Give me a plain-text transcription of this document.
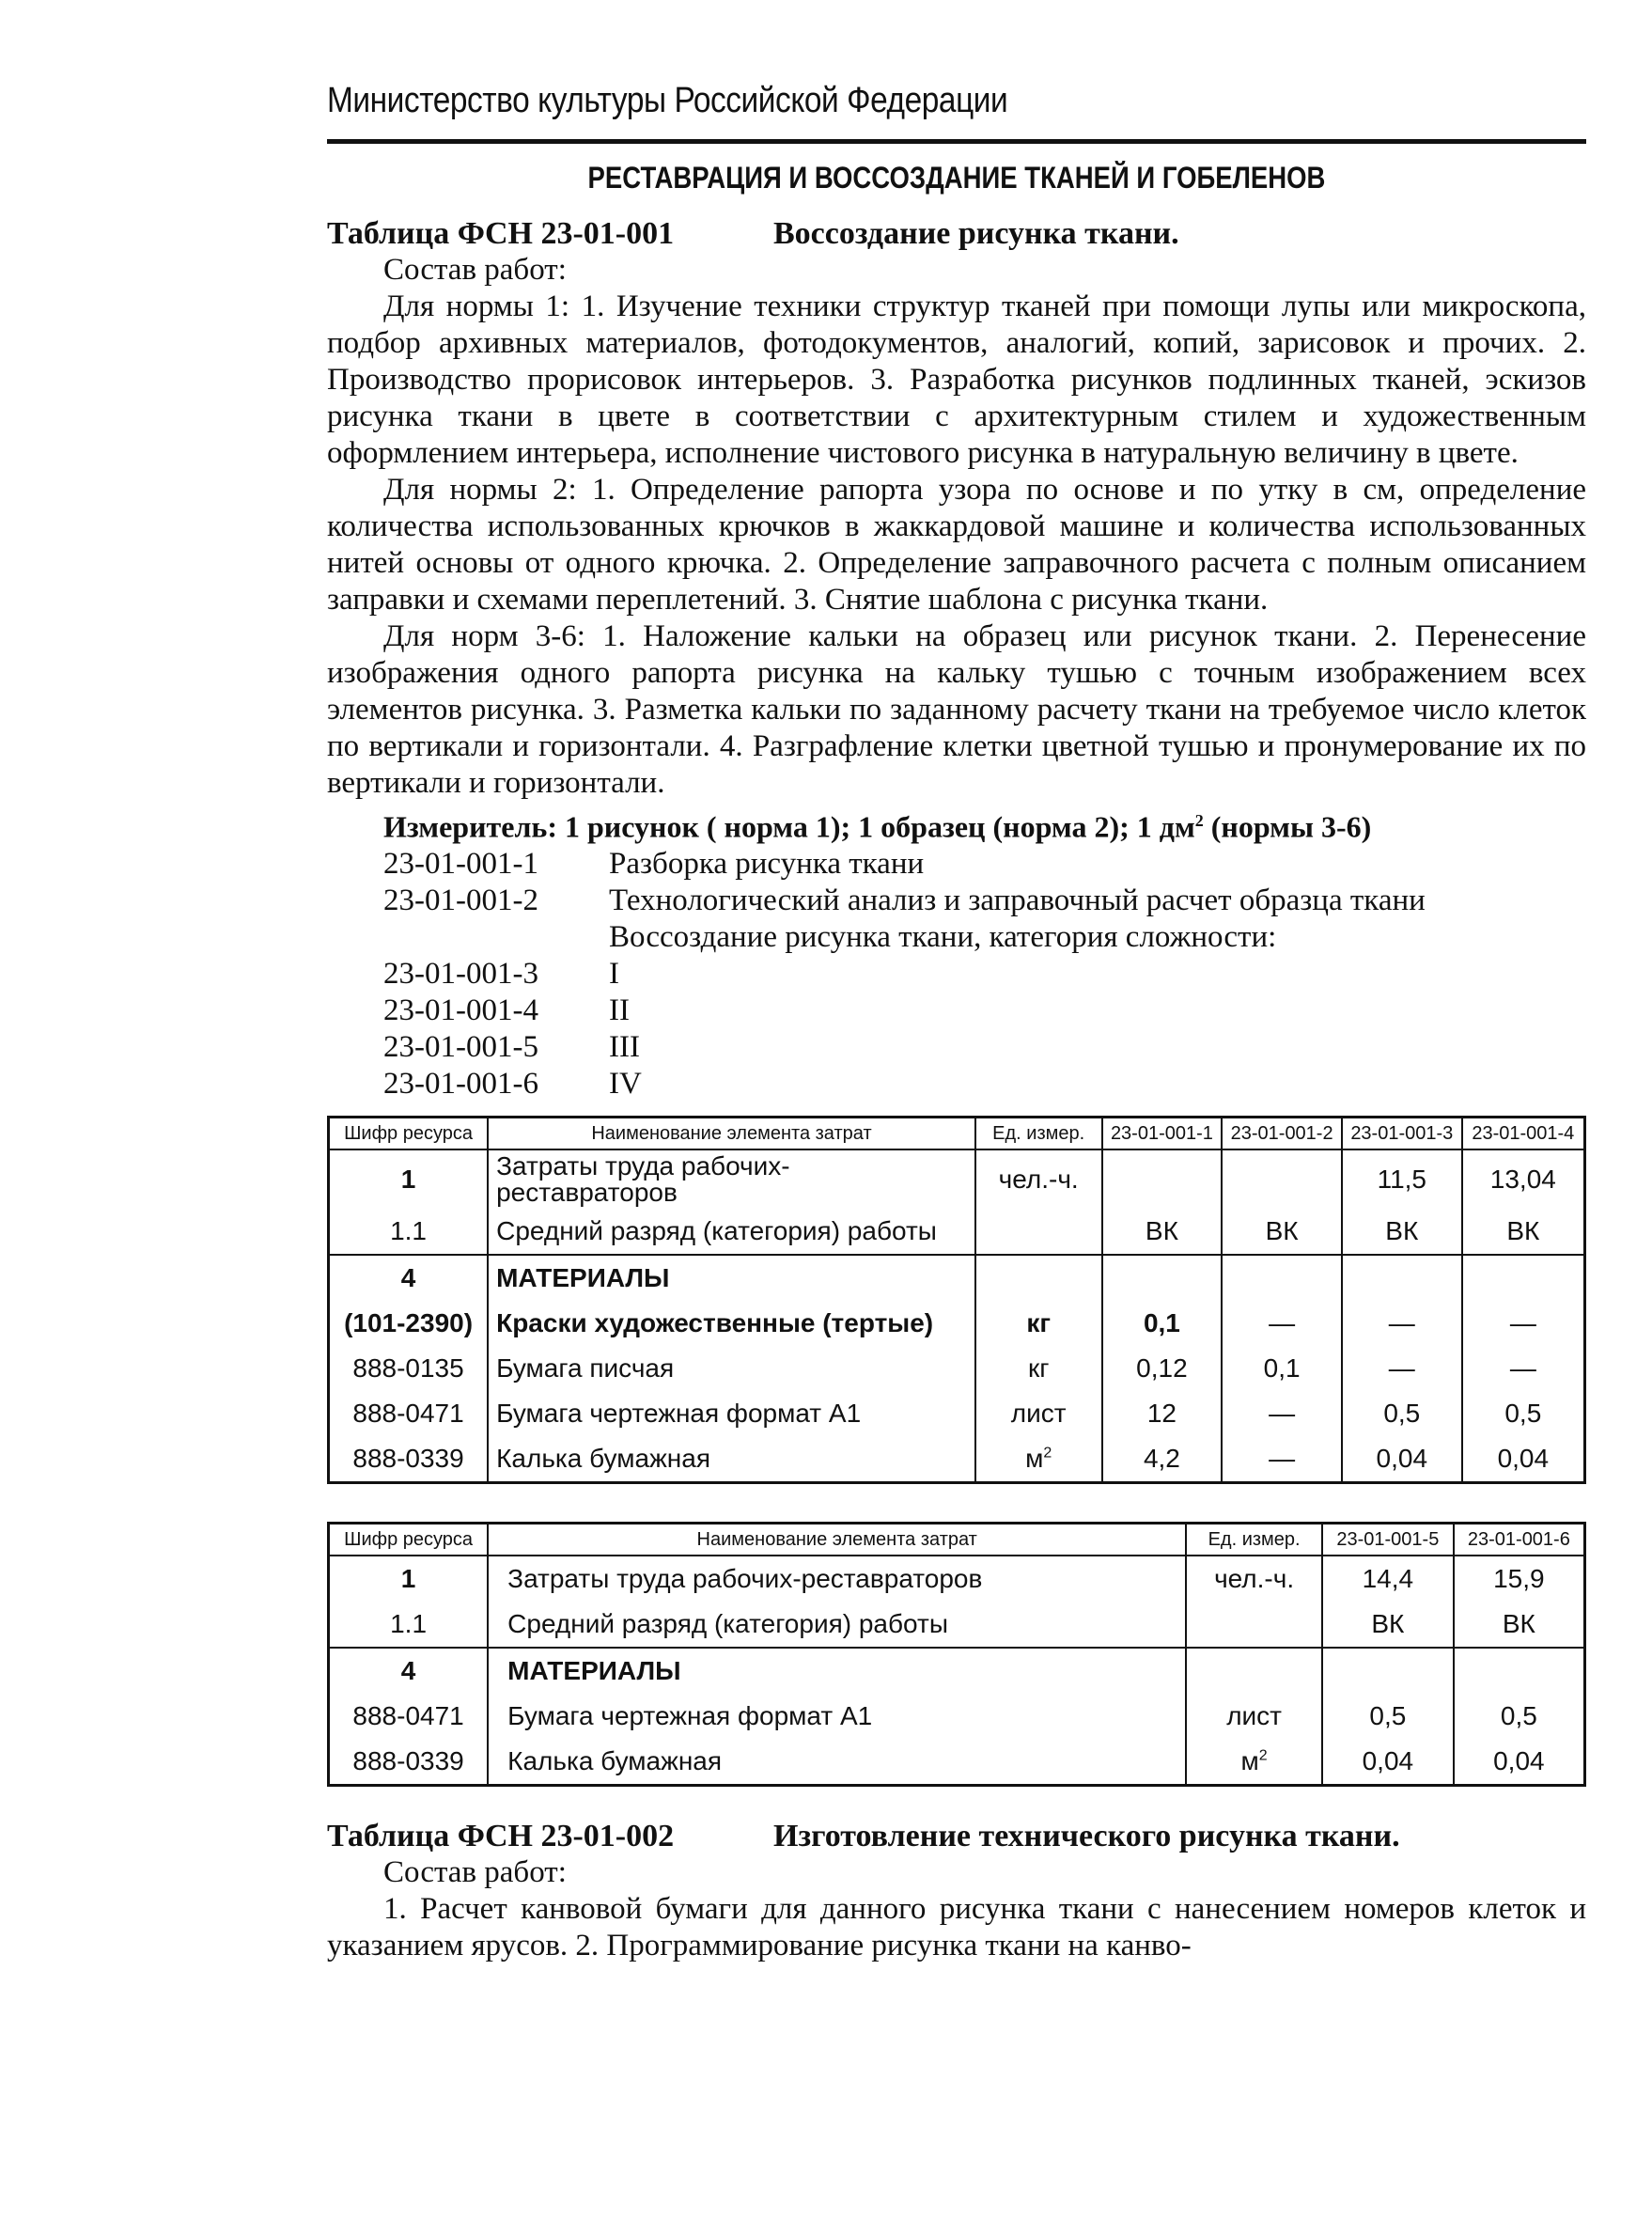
Министерство культуры Российской Федерации
РЕСТАВРАЦИЯ И ВОССОЗДАНИЕ ТКАНЕЙ И ГОБЕЛЕНОВ
Таблица ФСН 23-01-001	Воссоздание рисунка ткани.
Состав работ:

Для нормы 1: 1. Изучение техники структур тканей при помощи лупы или микроскопа, подбор архивных материалов, фотодокументов, аналогий, копий, зарисовок и прочих. 2. Производство прорисовок интерьеров. 3. Разработка рисунков подлинных тканей, эскизов рисунка ткани в цвете в соответствии с архитектурным стилем и художественным оформлением интерьера, исполнение чистового рисунка в натуральную величину в цвете.

Для нормы 2: 1. Определение рапорта узора по основе и по утку в см, определение количества использованных крючков в жаккардовой машине и количества использованных нитей основы от одного крючка. 2. Определение заправочного расчета с полным описанием заправки и схемами переплетений. 3. Снятие шаблона с рисунка ткани.

Для норм 3-6: 1. Наложение кальки на образец или рисунок ткани. 2. Перенесение изображения одного рапорта рисунка на кальку тушью с точным изображением всех элементов рисунка. 3. Разметка кальки по заданному расчету ткани на требуемое число клеток по вертикали и горизонтали. 4. Разграфление клетки цветной тушью и пронумерование их по вертикали и горизонтали.

Измеритель: 1 рисунок ( норма 1); 1 образец (норма 2); 1 $дм^2$ (нормы 3-6)
23-01-001-1	Разборка рисунка ткани
23-01-001-2	Технологический анализ и заправочный расчет образца ткани
Воссоздание рисунка ткани, категория сложности:
23-01-001-3	I
23-01-001-4	II
23-01-001-5	III
23-01-001-6	IV
Шифр ресурса	Наименование элемента затрат	Ед. измер.	23-01-001-1	23-01-001-2	23-01-001-3	23-01-001-4
1	Затраты труда рабочих-реставраторов	чел.-ч.			11,5	13,04
1.1	Средний разряд (категория) работы		ВК	ВК	ВК	ВК
4	МАТЕРИАЛЫ					
(101-2390)	Краски художественные (тертые)	кг	0,1	—	—	—
888-0135	Бумага писчая	кг	0,12	0,1	—	—
888-0471	Бумага чертежная формат А1	лист	12	—	0,5	0,5
888-0339	Калька бумажная	$м^2$	4,2	—	0,04	0,04
Шифр ресурса	Наименование элемента затрат	Ед. измер.	23-01-001-5	23-01-001-6
1	Затраты труда рабочих-реставраторов	чел.-ч.	14,4	15,9
1.1	Средний разряд (категория) работы		ВК	ВК
4	МАТЕРИАЛЫ			
888-0471	Бумага чертежная формат А1	лист	0,5	0,5
888-0339	Калька бумажная	$м^2$	0,04	0,04
Таблица ФСН 23-01-002	Изготовление технического рисунка ткани.
Состав работ:

1. Расчет канвовой бумаги для данного рисунка ткани с нанесением номеров клеток и указанием ярусов. 2. Программирование рисунка ткани на канво-
